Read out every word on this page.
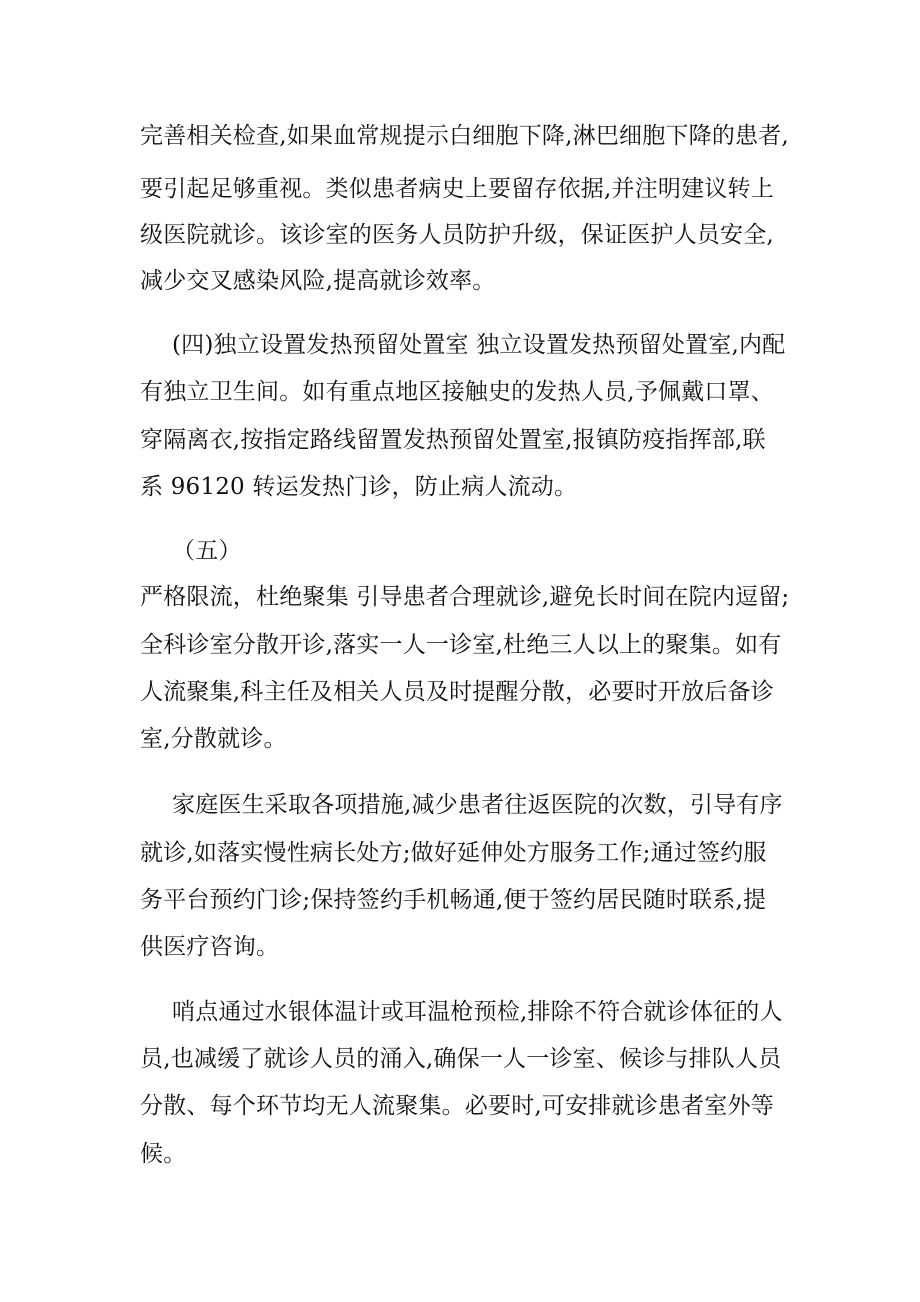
完善相关检查,如果血常规提示白细胞下降,淋巴细胞下降的患者,
要引起足够重视。类似患者病史上要留存依据,并注明建议转上
级医院就诊。该诊室的医务人员防护升级，保证医护人员安全,
减少交叉感染风险,提高就诊效率。
(四)独立设置发热预留处置室 独立设置发热预留处置室,内配
有独立卫生间。如有重点地区接触史的发热人员,予佩戴口罩、
穿隔离衣,按指定路线留置发热预留处置室,报镇防疫指挥部,联
系 96120 转运发热门诊，防止病人流动。
（五）
严格限流，杜绝聚集 引导患者合理就诊,避免长时间在院内逗留;
全科诊室分散开诊,落实一人一诊室,杜绝三人以上的聚集。如有
人流聚集,科主任及相关人员及时提醒分散，必要时开放后备诊
室,分散就诊。
家庭医生采取各项措施,减少患者往返医院的次数，引导有序
就诊,如落实慢性病长处方;做好延伸处方服务工作;通过签约服
务平台预约门诊;保持签约手机畅通,便于签约居民随时联系,提
供医疗咨询。
哨点通过水银体温计或耳温枪预检,排除不符合就诊体征的人
员,也减缓了就诊人员的涌入,确保一人一诊室、候诊与排队人员
分散、每个环节均无人流聚集。必要时,可安排就诊患者室外等
候。
